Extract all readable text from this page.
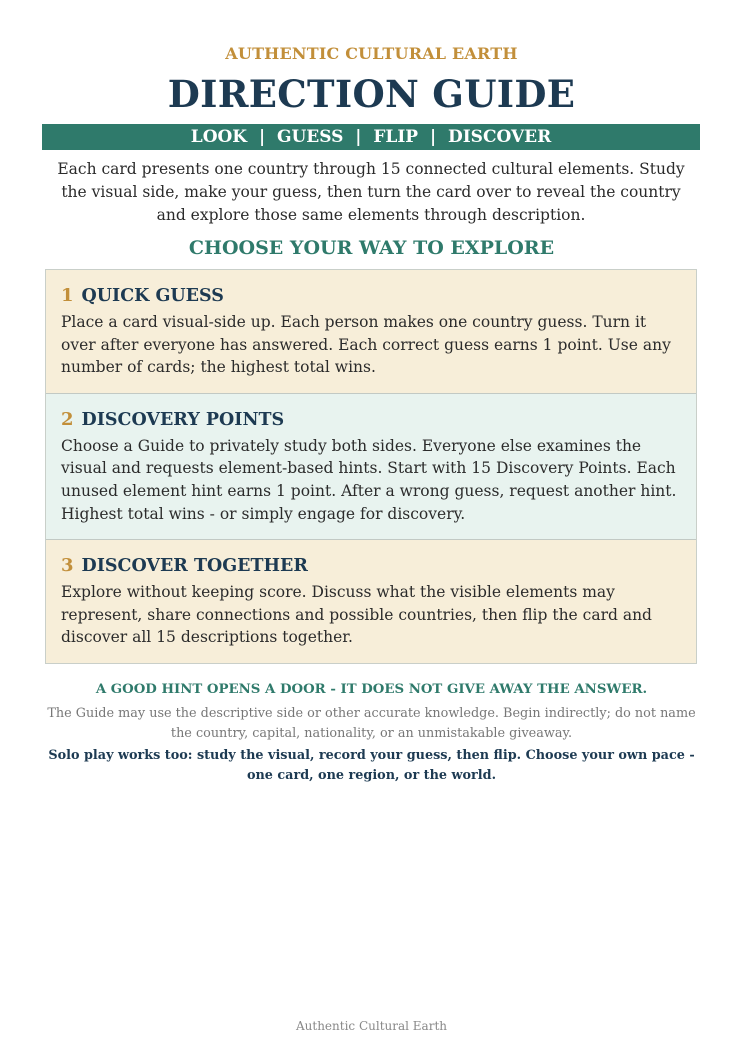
AUTHENTIC CULTURAL EARTH
DIRECTION GUIDE
LOOK | GUESS | FLIP | DISCOVER
Each card presents one country through 15 connected cultural elements. Study the visual side, make your guess, then turn the card over to reveal the country and explore those same elements through description.
CHOOSE YOUR WAY TO EXPLORE
1 QUICK GUESS
Place a card visual-side up. Each person makes one country guess. Turn it over after everyone has answered. Each correct guess earns 1 point. Use any number of cards; the highest total wins.
2 DISCOVERY POINTS
Choose a Guide to privately study both sides. Everyone else examines the visual and requests element-based hints. Start with 15 Discovery Points. Each unused element hint earns 1 point. After a wrong guess, request another hint. Highest total wins - or simply engage for discovery.
3 DISCOVER TOGETHER
Explore without keeping score. Discuss what the visible elements may represent, share connections and possible countries, then flip the card and discover all 15 descriptions together.
A GOOD HINT OPENS A DOOR - IT DOES NOT GIVE AWAY THE ANSWER.
The Guide may use the descriptive side or other accurate knowledge. Begin indirectly; do not name the country, capital, nationality, or an unmistakable giveaway.
Solo play works too: study the visual, record your guess, then flip. Choose your own pace - one card, one region, or the world.
Authentic Cultural Earth
